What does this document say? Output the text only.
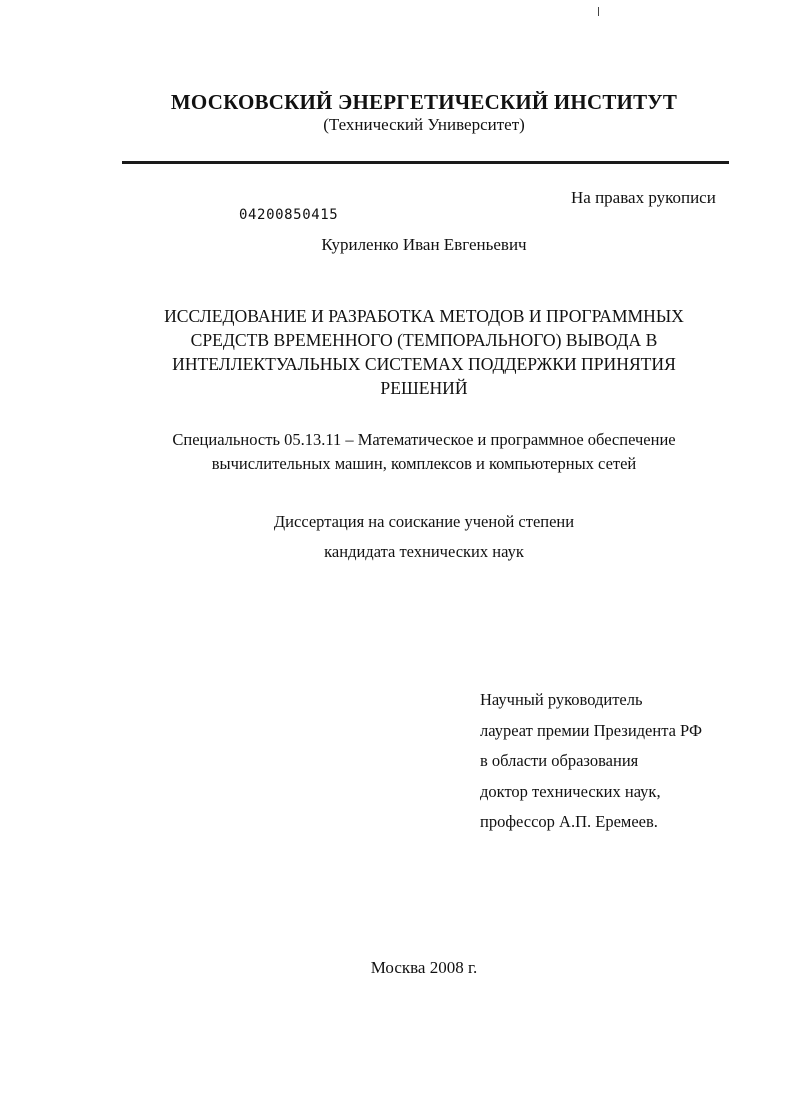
МОСКОВСКИЙ ЭНЕРГЕТИЧЕСКИЙ ИНСТИТУТ
(Технический Университет)
На правах рукописи
04200850415
Куриленко Иван Евгеньевич
ИССЛЕДОВАНИЕ И РАЗРАБОТКА МЕТОДОВ И ПРОГРАММНЫХ
СРЕДСТВ ВРЕМЕННОГО (ТЕМПОРАЛЬНОГО) ВЫВОДА В
ИНТЕЛЛЕКТУАЛЬНЫХ СИСТЕМАХ ПОДДЕРЖКИ ПРИНЯТИЯ
РЕШЕНИЙ
Специальность 05.13.11 – Математическое и программное обеспечение
вычислительных машин, комплексов и компьютерных сетей
Диссертация на соискание ученой степени
кандидата технических наук
Научный руководитель
лауреат премии Президента РФ
в области образования
доктор технических наук,
профессор А.П. Еремеев.
Москва 2008 г.
